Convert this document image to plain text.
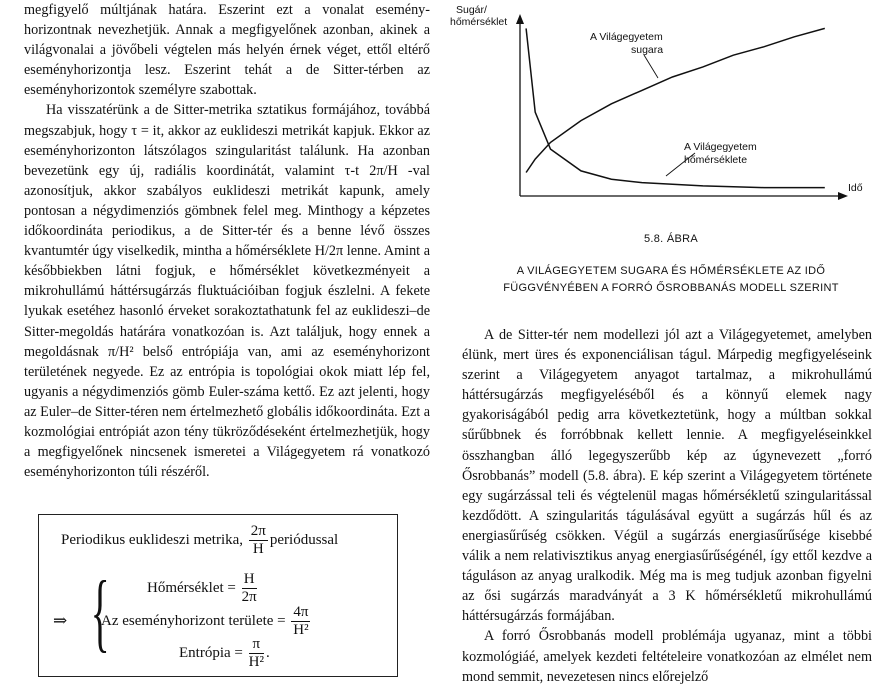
megfigyelő múltjának határa. Eszerint ezt a vonalat esemény-horizontnak nevezhetjük. Annak a megfigyelőnek azonban, akinek a világvonalai a jövőbeli végtelen más helyén érnek véget, ettől eltérő eseményhorizontja lesz. Eszerint tehát a de Sitter-térben az eseményhorizontok személyre szabottak.

Ha visszatérünk a de Sitter-metrika sztatikus formájához, továbbá megszabjuk, hogy τ = it, akkor az euklideszi metrikát kapjuk. Ekkor az eseményhorizonton látszólagos szingularitást találunk. Ha azonban bevezetünk egy új, radiális koordinátát, valamint τ-t 2π/H -val azonosítjuk, akkor szabályos euklideszi metrikát kapunk, amely pontosan a négydimenziós gömbnek felel meg. Minthogy a képzetes időkoordináta periodikus, a de Sitter-tér és a benne lévő összes kvantumtér úgy viselkedik, mintha a hőmérséklete H/2π lenne. Amint a későbbiekben látni fogjuk, e hőmérséklet következményeit a mikrohullámú háttérsugárzás fluktuációiban fogjuk észlelni. A fekete lyukak esetéhez hasonló érveket sorakoztathatunk fel az euklideszi–de Sitter-megoldás határára vonatkozóan is. Azt találjuk, hogy ennek a megoldásnak π/H² belső entrópiája van, ami az eseményhorizont területének negyede. Ez az entrópia is topológiai okok miatt lép fel, ugyanis a négydimenziós gömb Euler-száma kettő. Ez azt jelenti, hogy az Euler–de Sitter-téren nem értelmezhető globális időkoordináta. Ezt a kozmológiai entrópiát azon tény tükröződéseként értelmezhetjük, hogy a megfigyelőnek nincsenek ismeretei a Világegyetem rá vonatkozó eseményhorizonton túli részéről.

Periodikus euklideszi metrika, $\frac{2\pi}{H}$ periódussal
⇒ { Hőmérséklet = $\frac{H}{2\pi}$
Az eseményhorizont területe = $\frac{4\pi}{\text{H²}}$
Entrópia = $\frac{\pi}{\text{H²}}$ .
Sugár/
hőmérséklet
Idő
A Világegyetem
sugara
A Világegyetem
hőmérséklete
5.8. ÁBRA
A VILÁGEGYETEM SUGARA ÉS HŐMÉRSÉKLETE AZ IDŐ
FÜGGVÉNYÉBEN A FORRÓ ŐSROBBANÁS MODELL SZERINT

A de Sitter-tér nem modellezi jól azt a Világegyetemet, amelyben élünk, mert üres és exponenciálisan tágul. Márpedig megfigyeléseink szerint a Világegyetem anyagot tartalmaz, a mikrohullámú háttérsugárzás megfigyeléséből és a könnyű elemek nagy gyakoriságából pedig arra következtetünk, hogy a múltban sokkal sűrűbbnek és forróbbnak kellett lennie. A megfigyeléseinkkel összhangban álló legegyszerűbb kép az úgynevezett „forró Ősrobbanás” modell (5.8. ábra). E kép szerint a Világegyetem története egy sugárzással teli és végtelenül magas hőmérsékletű szingularitással kezdődött. A szingularitás tágulásával együtt a sugárzás hűl és az energiasűrűség csökken. Végül a sugárzás energiasűrűsége kisebbé válik a nem relativisztikus anyag energiasűrűségénél, így ettől kezdve a táguláson az anyag uralkodik. Még ma is meg tudjuk azonban figyelni az ősi sugárzás maradványát a 3 K hőmérsékletű mikrohullámú háttérsugárzás formájában.

A forró Ősrobbanás modell problémája ugyanaz, mint a többi kozmológiáé, amelyek kezdeti feltételeire vonatkozóan az elmélet nem mond semmit, nevezetesen nincs előrejelző
